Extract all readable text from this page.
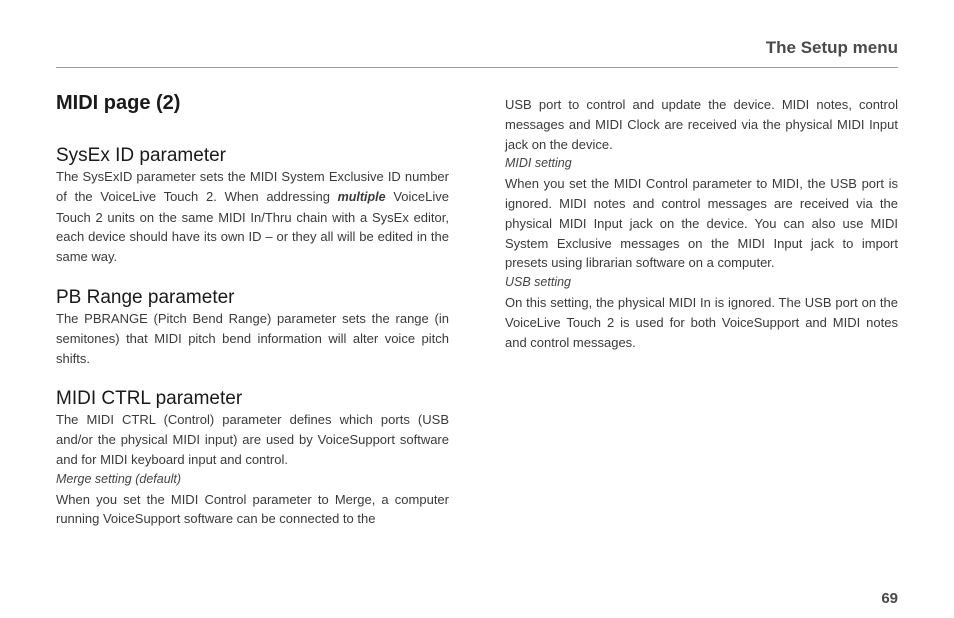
The Setup menu
MIDI page (2)
SysEx ID parameter

The SysExID parameter sets the MIDI System Exclusive ID number of the VoiceLive Touch 2. When addressing multiple VoiceLive Touch 2 units on the same MIDI In/Thru chain with a SysEx editor, each device should have its own ID – or they all will be edited in the same way.

PB Range parameter

The PBRANGE (Pitch Bend Range) parameter sets the range (in semitones) that MIDI pitch bend information will alter voice pitch shifts.

MIDI CTRL parameter

The MIDI CTRL (Control) parameter defines which ports (USB and/or the physical MIDI input) are used by VoiceSupport software and for MIDI keyboard input and control.

Merge setting (default)

When you set the MIDI Control parameter to Merge, a computer running VoiceSupport software can be connected to the

USB port to control and update the device. MIDI notes, control messages and MIDI Clock are received via the physical MIDI Input jack on the device.

MIDI setting

When you set the MIDI Control parameter to MIDI, the USB port is ignored. MIDI notes and control messages are received via the physical MIDI Input jack on the device. You can also use MIDI System Exclusive messages on the MIDI Input jack to import presets using librarian software on a computer.

USB setting

On this setting, the physical MIDI In is ignored. The USB port on the VoiceLive Touch 2 is used for both VoiceSupport and MIDI notes and control messages.

69
